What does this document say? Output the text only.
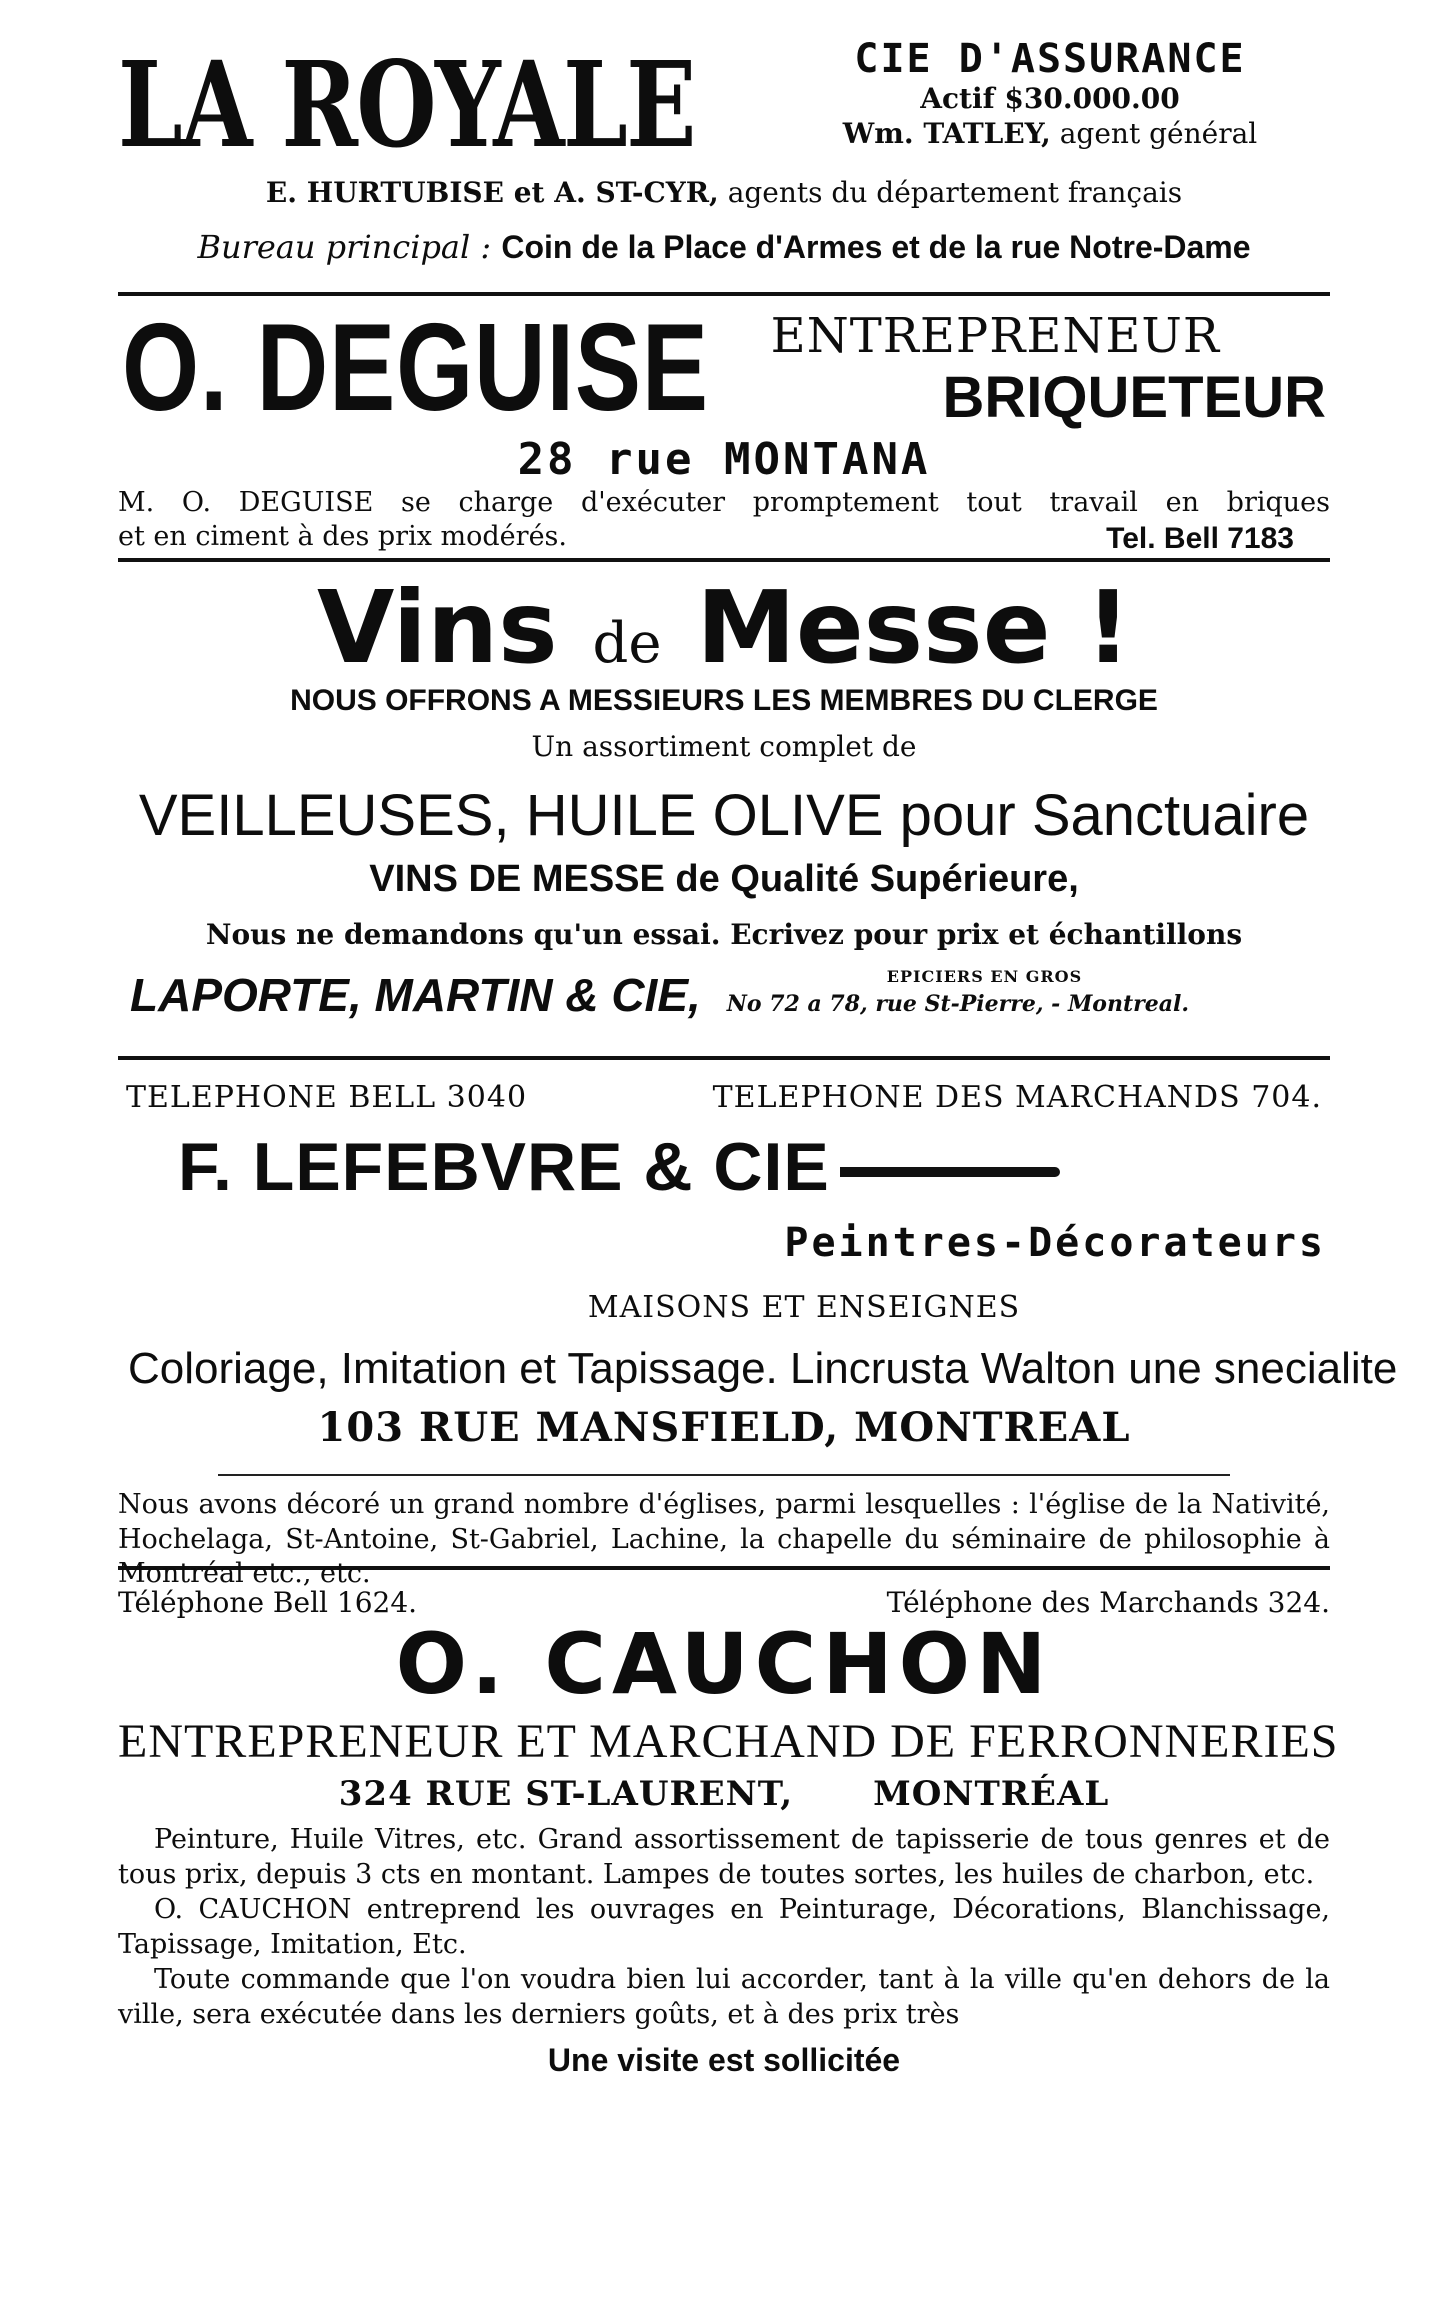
LA ROYALE	CIE D'ASSURANCE
Actif $30.000.00
Wm. TATLEY, agent général
E. HURTUBISE et A. ST-CYR, agents du département français
Bureau principal : Coin de la Place d'Armes et de la rue Notre-Dame
O. DEGUISE ENTREPRENEUR
BRIQUETEUR
28 rue MONTANA
M. O. DEGUISE se charge d'exécuter promptement tout travail en briques
et en ciment à des prix modérés.	Tel. Bell 7183
Vins de Messe !
NOUS OFFRONS A MESSIEURS LES MEMBRES DU CLERGE
Un assortiment complet de
VEILLEUSES, HUILE OLIVE pour Sanctuaire
VINS DE MESSE de Qualité Supérieure,
Nous ne demandons qu'un essai. Ecrivez pour prix et échantillons
LAPORTE, MARTIN & CIE,	EPICIERS EN GROS
No 72 a 78, rue St-Pierre, - Montreal.
TELEPHONE BELL 3040	TELEPHONE DES MARCHANDS 704.
F. LEFEBVRE & CIE
Peintres-Décorateurs
MAISONS ET ENSEIGNES
Coloriage, Imitation et Tapissage. Lincrusta Walton une snecialite
103 RUE MANSFIELD, MONTREAL
Nous avons décoré un grand nombre d'églises, parmi lesquelles : l'église de la Nativité, Hochelaga, St-Antoine, St-Gabriel, Lachine, la chapelle du séminaire de philosophie à Montréal etc., etc.
Téléphone Bell 1624.	Téléphone des Marchands 324.
O. CAUCHON
ENTREPRENEUR ET MARCHAND DE FERRONNERIES
324 RUE ST-LAURENT, MONTRÉAL

Peinture, Huile Vitres, etc. Grand assortissement de tapisserie de tous genres et de tous prix, depuis 3 cts en montant. Lampes de toutes sortes, les huiles de charbon, etc.

O. CAUCHON entreprend les ouvrages en Peinturage, Décorations, Blanchissage, Tapissage, Imitation, Etc.

Toute commande que l'on voudra bien lui accorder, tant à la ville qu'en dehors de la ville, sera exécutée dans les derniers goûts, et à des prix très

Une visite est sollicitée
